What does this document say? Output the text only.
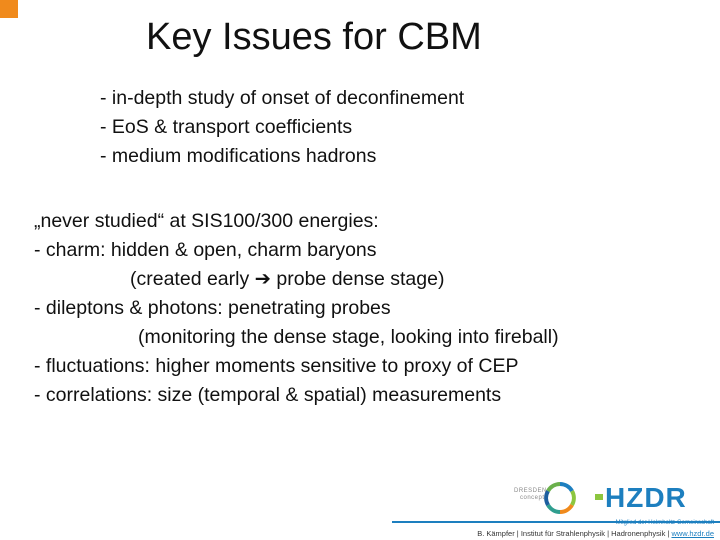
Key Issues for CBM
- in-depth study of onset of deconfinement
- EoS & transport coefficients
- medium modifications hadrons
„never studied“ at SIS100/300 energies:
- charm: hidden & open, charm baryons
(created early ➔ probe dense stage)
- dileptons & photons: penetrating probes
(monitoring the dense stage, looking into fireball)
- fluctuations: higher moments sensitive to proxy of CEP
- correlations: size (temporal & spatial) measurements
DRESDEN
concept HZDR
Mitglied der Helmholtz-Gemeinschaft
B. Kämpfer | Institut für Strahlenphysik | Hadronenphysik | www.hzdr.de
